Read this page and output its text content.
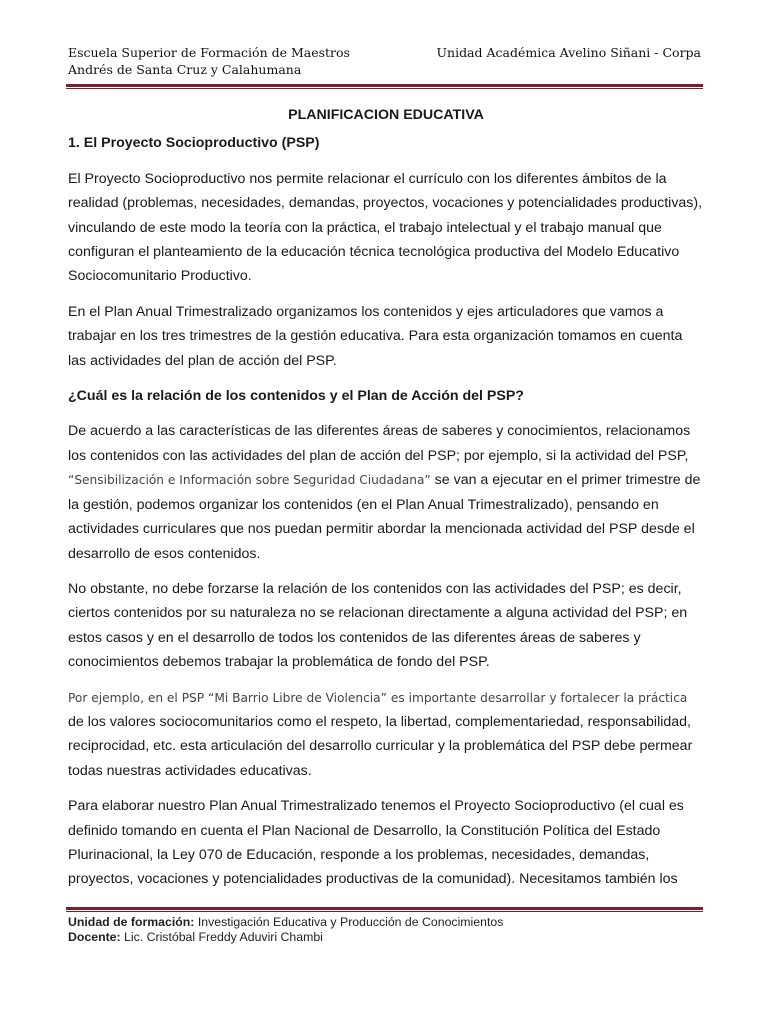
Escuela Superior de Formación de Maestros
Andrés de Santa Cruz y Calahumana
Unidad Académica Avelino Siñani - Corpa
PLANIFICACION EDUCATIVA
1. El Proyecto Socioproductivo (PSP)

El Proyecto Socioproductivo nos permite relacionar el currículo con los diferentes ámbitos de la realidad (problemas, necesidades, demandas, proyectos, vocaciones y potencialidades productivas), vinculando de este modo la teoría con la práctica, el trabajo intelectual y el trabajo manual que configuran el planteamiento de la educación técnica tecnológica productiva del Modelo Educativo Sociocomunitario Productivo.

En el Plan Anual Trimestralizado organizamos los contenidos y ejes articuladores que vamos a trabajar en los tres trimestres de la gestión educativa. Para esta organización tomamos en cuenta las actividades del plan de acción del PSP.

¿Cuál es la relación de los contenidos y el Plan de Acción del PSP?

De acuerdo a las características de las diferentes áreas de saberes y conocimientos, relacionamos los contenidos con las actividades del plan de acción del PSP; por ejemplo, si la actividad del PSP,
“Sensibilización e Información sobre Seguridad Ciudadana” se van a ejecutar en el primer trimestre de la gestión, podemos organizar los contenidos (en el Plan Anual Trimestralizado), pensando en actividades curriculares que nos puedan permitir abordar la mencionada actividad del PSP desde el desarrollo de esos contenidos.

No obstante, no debe forzarse la relación de los contenidos con las actividades del PSP; es decir, ciertos contenidos por su naturaleza no se relacionan directamente a alguna actividad del PSP; en estos casos y en el desarrollo de todos los contenidos de las diferentes áreas de saberes y conocimientos debemos trabajar la problemática de fondo del PSP.

Por ejemplo, en el PSP “Mi Barrio Libre de Violencia” es importante desarrollar y fortalecer la práctica
de los valores sociocomunitarios como el respeto, la libertad, complementariedad, responsabilidad, reciprocidad, etc. esta articulación del desarrollo curricular y la problemática del PSP debe permear todas nuestras actividades educativas.

Para elaborar nuestro Plan Anual Trimestralizado tenemos el Proyecto Socioproductivo (el cual es definido tomando en cuenta el Plan Nacional de Desarrollo, la Constitución Política del Estado Plurinacional, la Ley 070 de Educación, responde a los problemas, necesidades, demandas, proyectos, vocaciones y potencialidades productivas de la comunidad). Necesitamos también los

Unidad de formación: Investigación Educativa y Producción de Conocimientos
Docente: Lic. Cristóbal Freddy Aduviri Chambi
